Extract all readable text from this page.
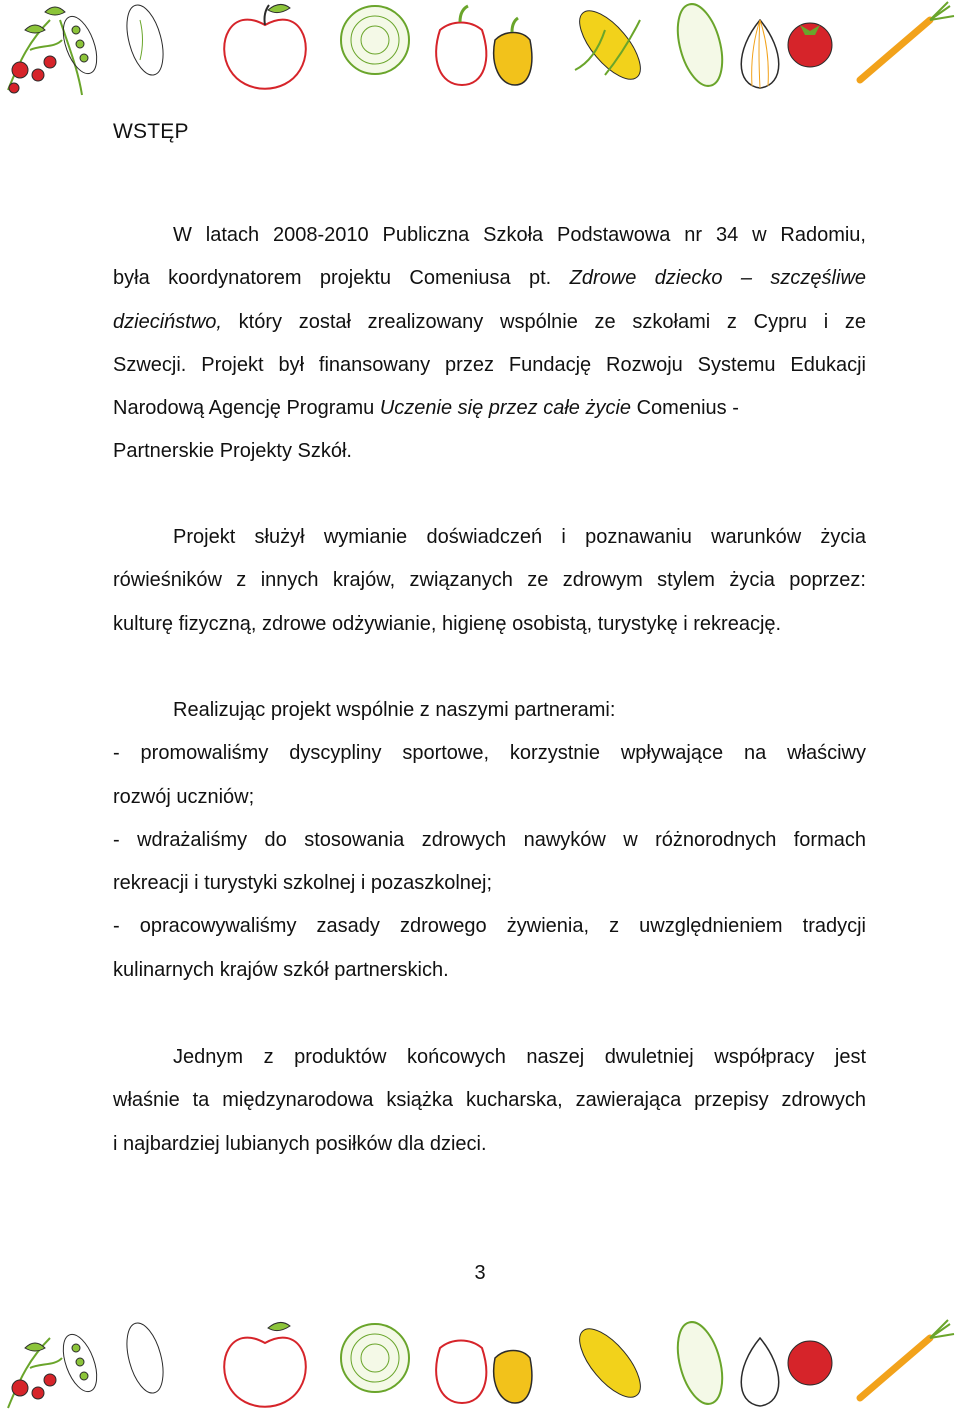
WSTĘP
W latach 2008-2010 Publiczna Szkoła Podstawowa nr 34 w Radomiu,
była koordynatorem projektu Comeniusa pt. Zdrowe dziecko – szczęśliwe
dzieciństwo, który został zrealizowany wspólnie ze szkołami z Cypru i ze
Szwecji. Projekt był finansowany przez Fundację Rozwoju Systemu Edukacji
Narodową Agencję Programu Uczenie się przez całe życie Comenius -
Partnerskie Projekty Szkół.
Projekt służył wymianie doświadczeń i poznawaniu warunków życia
rówieśników z innych krajów, związanych ze zdrowym stylem życia poprzez:
kulturę fizyczną, zdrowe odżywianie, higienę osobistą, turystykę i rekreację.
Realizując projekt wspólnie z naszymi partnerami:
- promowaliśmy dyscypliny sportowe, korzystnie wpływające na właściwy
rozwój uczniów;
- wdrażaliśmy do stosowania zdrowych nawyków w różnorodnych formach
rekreacji i turystyki szkolnej i pozaszkolnej;
- opracowywaliśmy zasady zdrowego żywienia, z uwzględnieniem tradycji
kulinarnych krajów szkół partnerskich.
Jednym z produktów końcowych naszej dwuletniej współpracy jest
właśnie ta międzynarodowa książka kucharska, zawierająca przepisy zdrowych
i najbardziej lubianych posiłków dla dzieci.
3
